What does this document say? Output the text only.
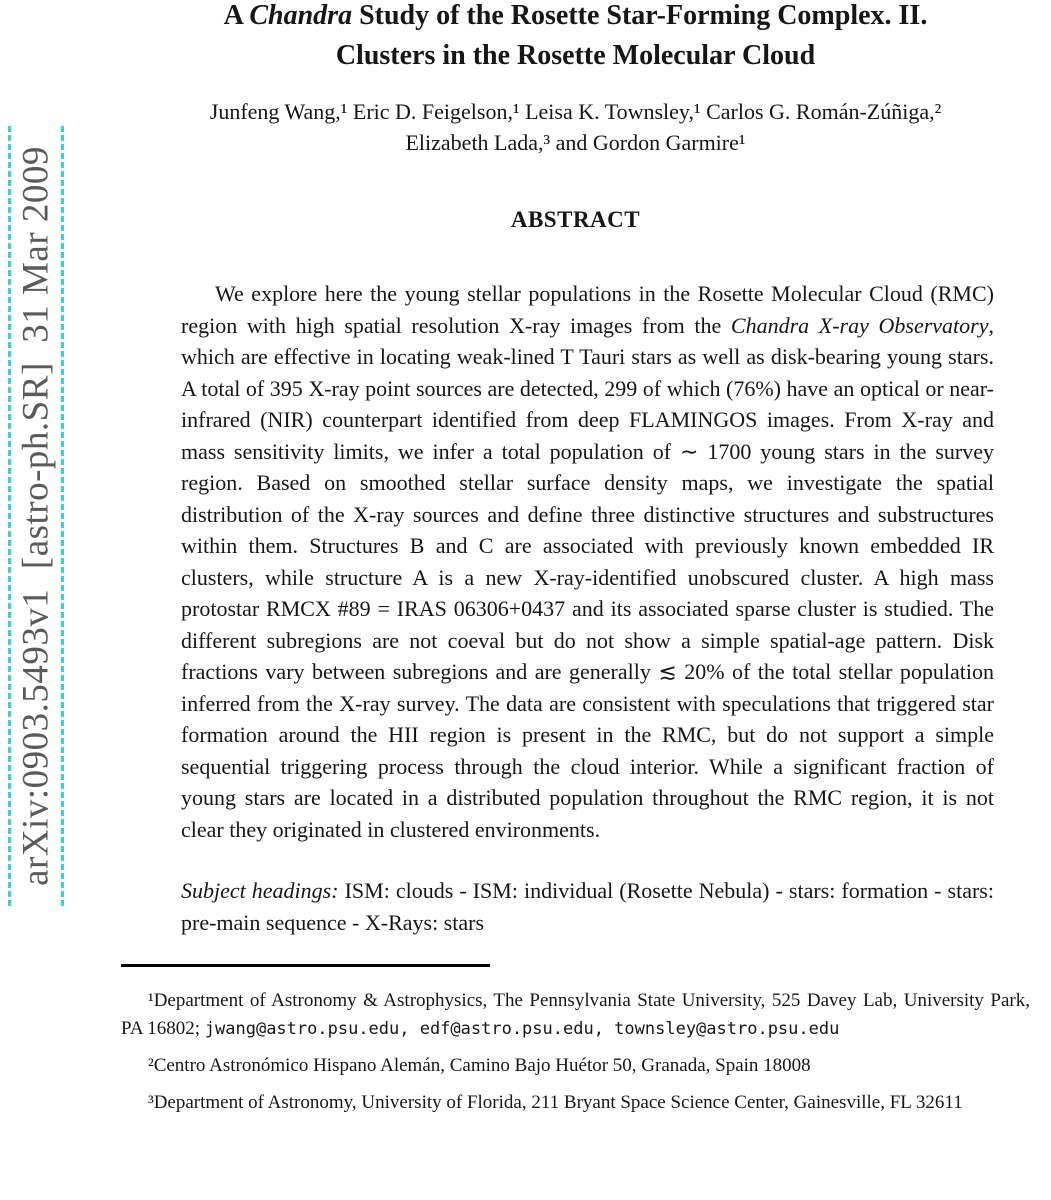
arXiv:0903.5493v1  [astro-ph.SR]  31 Mar 2009
A Chandra Study of the Rosette Star-Forming Complex. II.
Clusters in the Rosette Molecular Cloud
Junfeng Wang,¹ Eric D. Feigelson,¹ Leisa K. Townsley,¹ Carlos G. Román-Zúñiga,²
Elizabeth Lada,³ and Gordon Garmire¹
ABSTRACT

We explore here the young stellar populations in the Rosette Molecular Cloud (RMC) region with high spatial resolution X-ray images from the Chandra X-ray Observatory, which are effective in locating weak-lined T Tauri stars as well as disk-bearing young stars. A total of 395 X-ray point sources are detected, 299 of which (76%) have an optical or near-infrared (NIR) counterpart identified from deep FLAMINGOS images. From X-ray and mass sensitivity limits, we infer a total population of ∼ 1700 young stars in the survey region. Based on smoothed stellar surface density maps, we investigate the spatial distribution of the X-ray sources and define three distinctive structures and substructures within them. Structures B and C are associated with previously known embedded IR clusters, while structure A is a new X-ray-identified unobscured cluster. A high mass protostar RMCX #89 = IRAS 06306+0437 and its associated sparse cluster is studied. The different subregions are not coeval but do not show a simple spatial-age pattern. Disk fractions vary between subregions and are generally ≲ 20% of the total stellar population inferred from the X-ray survey. The data are consistent with speculations that triggered star formation around the HII region is present in the RMC, but do not support a simple sequential triggering process through the cloud interior. While a significant fraction of young stars are located in a distributed population throughout the RMC region, it is not clear they originated in clustered environments.

Subject headings: ISM: clouds - ISM: individual (Rosette Nebula) - stars: formation - stars: pre-main sequence - X-Rays: stars

¹Department of Astronomy & Astrophysics, The Pennsylvania State University, 525 Davey Lab, University Park, PA 16802; jwang@astro.psu.edu, edf@astro.psu.edu, townsley@astro.psu.edu

²Centro Astronómico Hispano Alemán, Camino Bajo Huétor 50, Granada, Spain 18008

³Department of Astronomy, University of Florida, 211 Bryant Space Science Center, Gainesville, FL 32611
